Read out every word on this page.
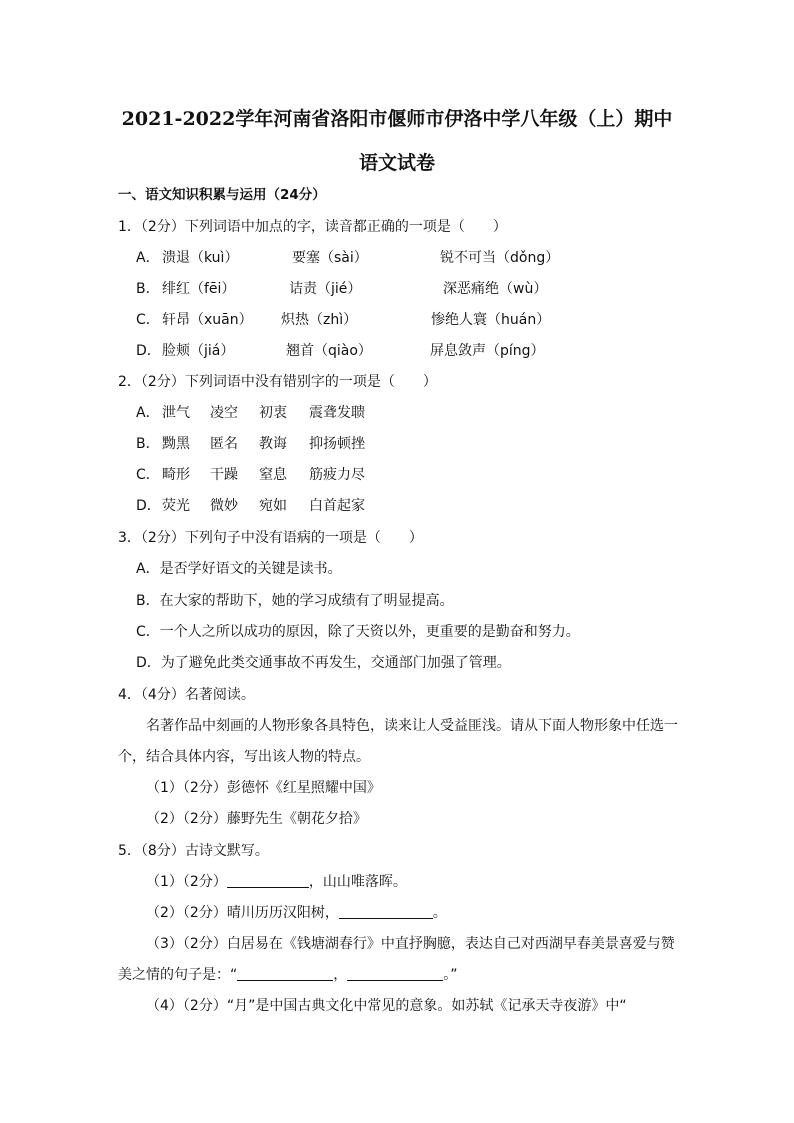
2021-2022学年河南省洛阳市偃师市伊洛中学八年级（上）期中
语文试卷
一、语文知识积累与运用（24分）
1．（2分）下列词语中加点的字，读音都正确的一项是（　　）
A． 溃退（kuì）	要塞（sài）	锐不可当（dǒng）
B． 绯红（fēi）	诘责（jié）	深恶痛绝（wù）
C． 轩昂（xuān） 炽热（zhì）	惨绝人寰（huán）
D． 脸颊（jiá）	翘首（qiào）	屏息敛声（píng）
2．（2分）下列词语中没有错别字的一项是（　　）
A． 泄气 凌空 初衷 震聋发聩
B． 黝黑 匿名 教诲 抑扬顿挫
C． 畸形 干躁 窒息 筋疲力尽
D． 荧光 微妙 宛如 白首起家
3．（2分）下列句子中没有语病的一项是（　　）
A．是否学好语文的关键是读书。
B．在大家的帮助下，她的学习成绩有了明显提高。
C．一个人之所以成功的原因，除了天资以外，更重要的是勤奋和努力。
D．为了避免此类交通事故不再发生，交通部门加强了管理。
4．（4分）名著阅读。
名著作品中刻画的人物形象各具特色，读来让人受益匪浅。请从下面人物形象中任选一
个，结合具体内容，写出该人物的特点。
（1）（2分）彭德怀《红星照耀中国》
（2）（2分）藤野先生《朝花夕拾》
5．（8分）古诗文默写。
（1）（2分）	，山山唯落晖。
（2）（2分）晴川历历汉阳树，	。
（3）（2分）白居易在《钱塘湖春行》中直抒胸臆，表达自己对西湖早春美景喜爱与赞
美之情的句子是：“	，	。”
（4）（2分）“月”是中国古典文化中常见的意象。如苏轼《记承天寺夜游》中“
